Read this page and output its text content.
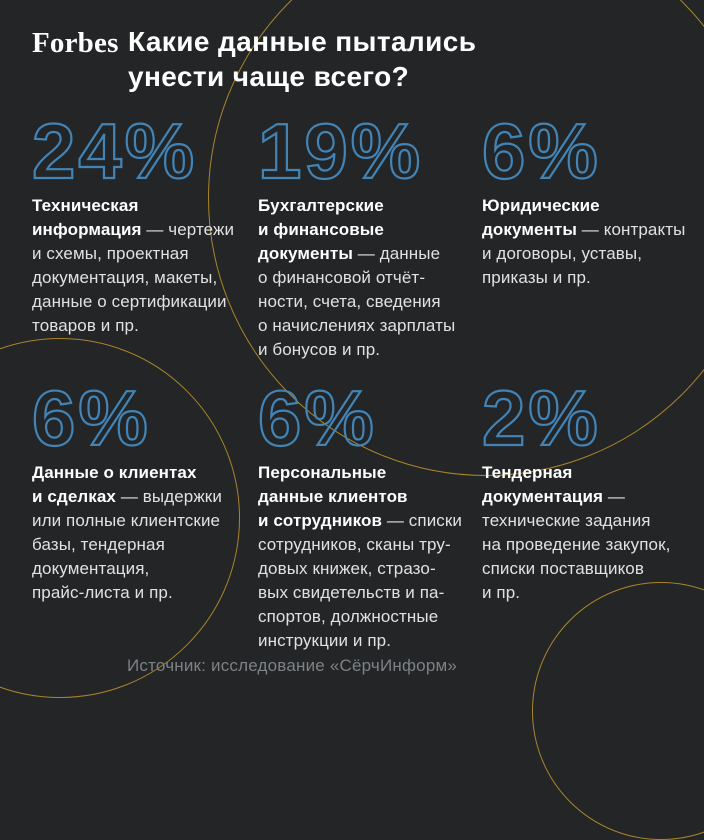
Forbes Какие данные пытались
унести чаще всего?
24%
Техническая
информация — чертежи
и схемы, проектная
документация, макеты,
данные о сертификации
товаров и пр.
19%
Бухгалтерские
и финансовые
документы — данные
о финансовой отчёт-
ности, счета, сведения
о начислениях зарплаты
и бонусов и пр.
6%
Юридические
документы — контракты
и договоры, уставы,
приказы и пр.
6%
Данные о клиентах
и сделках — выдержки
или полные клиентские
базы, тендерная
документация,
прайс-листа и пр.
6%
Персональные
данные клиентов
и сотрудников — списки
сотрудников, сканы тру-
довых книжек, стразо-
вых свидетельств и па-
спортов, должностные
инструкции и пр.
2%
Тендерная
документация —
технические задания
на проведение закупок,
списки поставщиков
и пр.
Источник: исследование «СёрчИнформ»
